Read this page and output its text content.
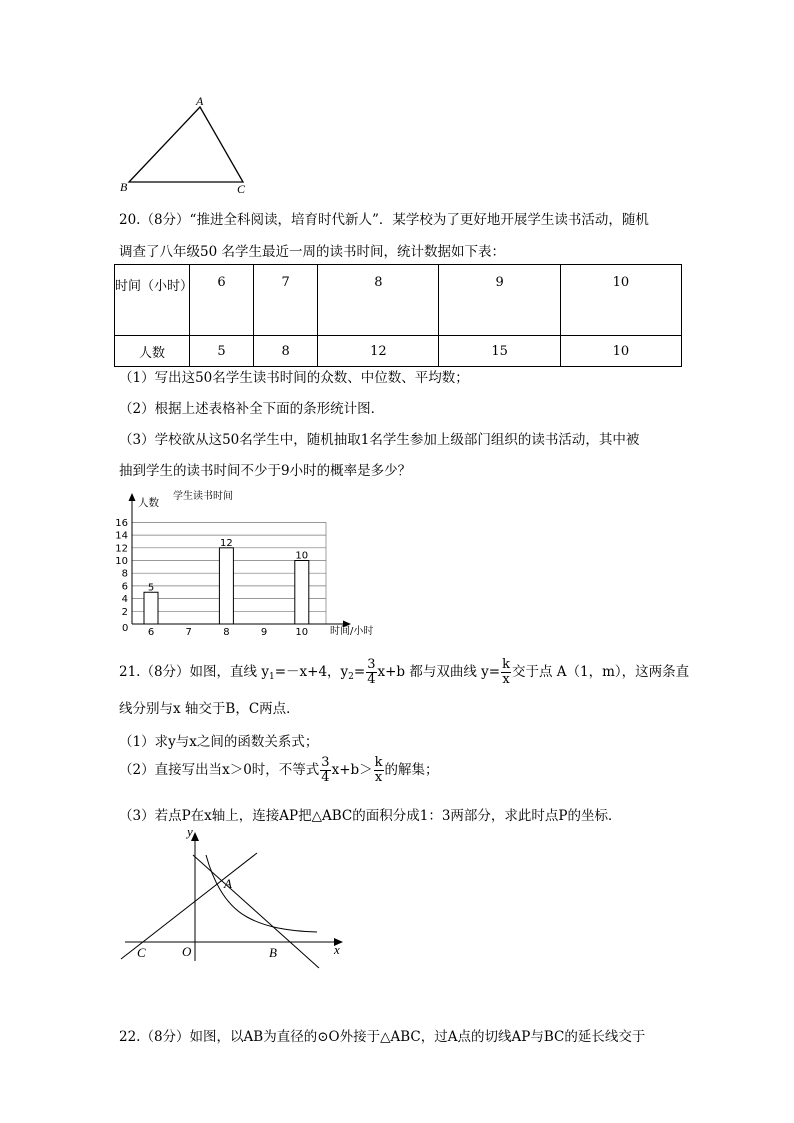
A
B	C
20.（8分）“推进全科阅读，培育时代新人”．某学校为了更好地开展学生读书活动，随机
调查了八年级50 名学生最近一周的读书时间，统计数据如下表：
时间（小时）	6	7	8	9	10
人数	5	8	12	15	10
（1）写出这50名学生读书时间的众数、中位数、平均数；
（2）根据上述表格补全下面的条形统计图．
（3）学校欲从这50名学生中，随机抽取1名学生参加上级部门组织的读书活动，其中被
抽到学生的读书时间不少于9小时的概率是多少？
2
4
6
8
10
12
14
16
6
5
7	8
12
9	10
10
学生读书时间
人数
时间/小时
0
21.（8分）如图，直线 $y_1=-x+4$，$y_2= \frac{3}{4} x+b$ 都与双曲线 $y= \frac{k}{x}$ 交于点 A（1，m），这两条直
线分别与x 轴交于B，C两点．
（1）求y与x之间的函数关系式；
（2）直接写出当x＞0时，不等式 $\frac{3}{4} x+b> \frac{k}{x}$ 的解集；
（3）若点P在x轴上，连接AP把△ABC的面积分成1：3两部分，求此时点P的坐标．
y
x
A
O
C	B
22.（8分）如图，以AB为直径的⊙O外接于△ABC，过A点的切线AP与BC的延长线交于
